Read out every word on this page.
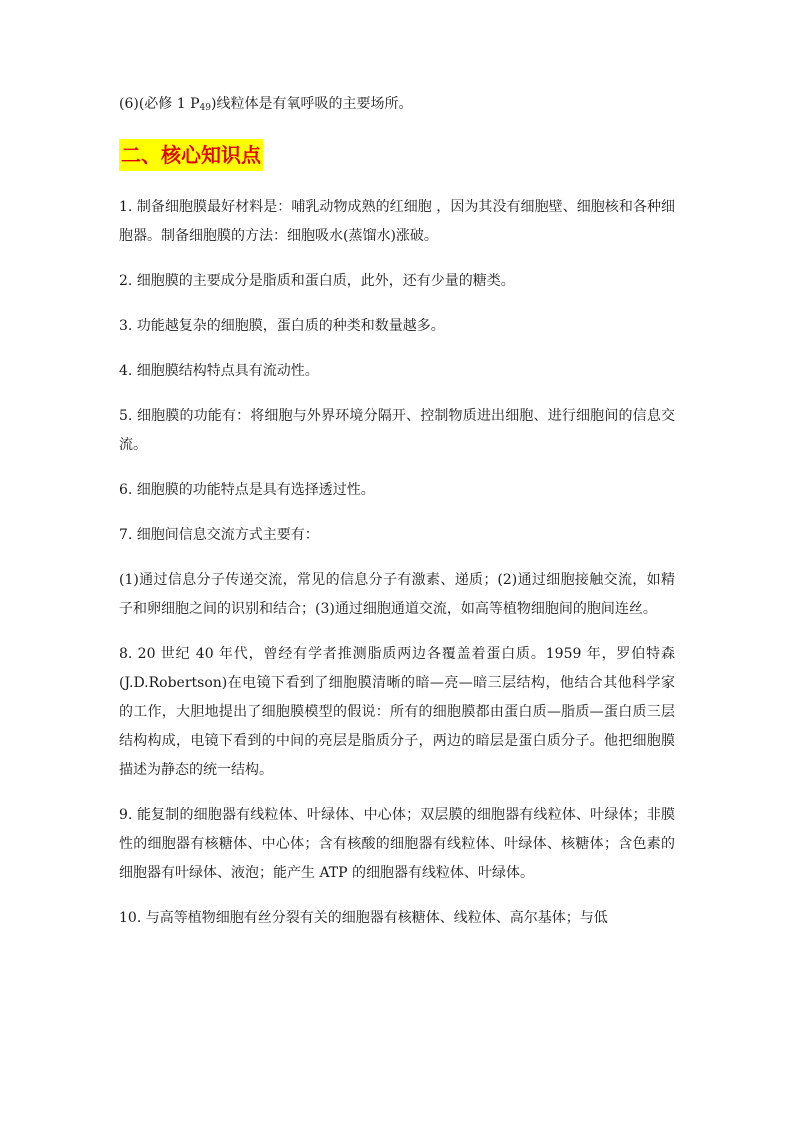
(6)(必修 1 $P_{49}$)线粒体是有氧呼吸的主要场所。

二、核心知识点

1. 制备细胞膜最好材料是：哺乳动物成熟的红细胞 ，因为其没有细胞壁、细胞核和各种细胞器。制备细胞膜的方法：细胞吸水(蒸馏水)涨破。

2. 细胞膜的主要成分是脂质和蛋白质，此外，还有少量的糖类。

3. 功能越复杂的细胞膜，蛋白质的种类和数量越多。

4. 细胞膜结构特点具有流动性。

5. 细胞膜的功能有：将细胞与外界环境分隔开、控制物质进出细胞、进行细胞间的信息交流。

6. 细胞膜的功能特点是具有选择透过性。

7. 细胞间信息交流方式主要有：

(1)通过信息分子传递交流，常见的信息分子有激素、递质；(2)通过细胞接触交流，如精子和卵细胞之间的识别和结合；(3)通过细胞通道交流，如高等植物细胞间的胞间连丝。

8. 20 世纪 40 年代，曾经有学者推测脂质两边各覆盖着蛋白质。1959 年，罗伯特森(J.D.Robertson)在电镜下看到了细胞膜清晰的暗—亮—暗三层结构，他结合其他科学家的工作，大胆地提出了细胞膜模型的假说：所有的细胞膜都由蛋白质—脂质—蛋白质三层结构构成，电镜下看到的中间的亮层是脂质分子，两边的暗层是蛋白质分子。他把细胞膜描述为静态的统一结构。

9. 能复制的细胞器有线粒体、叶绿体、中心体；双层膜的细胞器有线粒体、叶绿体；非膜性的细胞器有核糖体、中心体；含有核酸的细胞器有线粒体、叶绿体、核糖体；含色素的细胞器有叶绿体、液泡；能产生 ATP 的细胞器有线粒体、叶绿体。

10. 与高等植物细胞有丝分裂有关的细胞器有核糖体、线粒体、高尔基体；与低
